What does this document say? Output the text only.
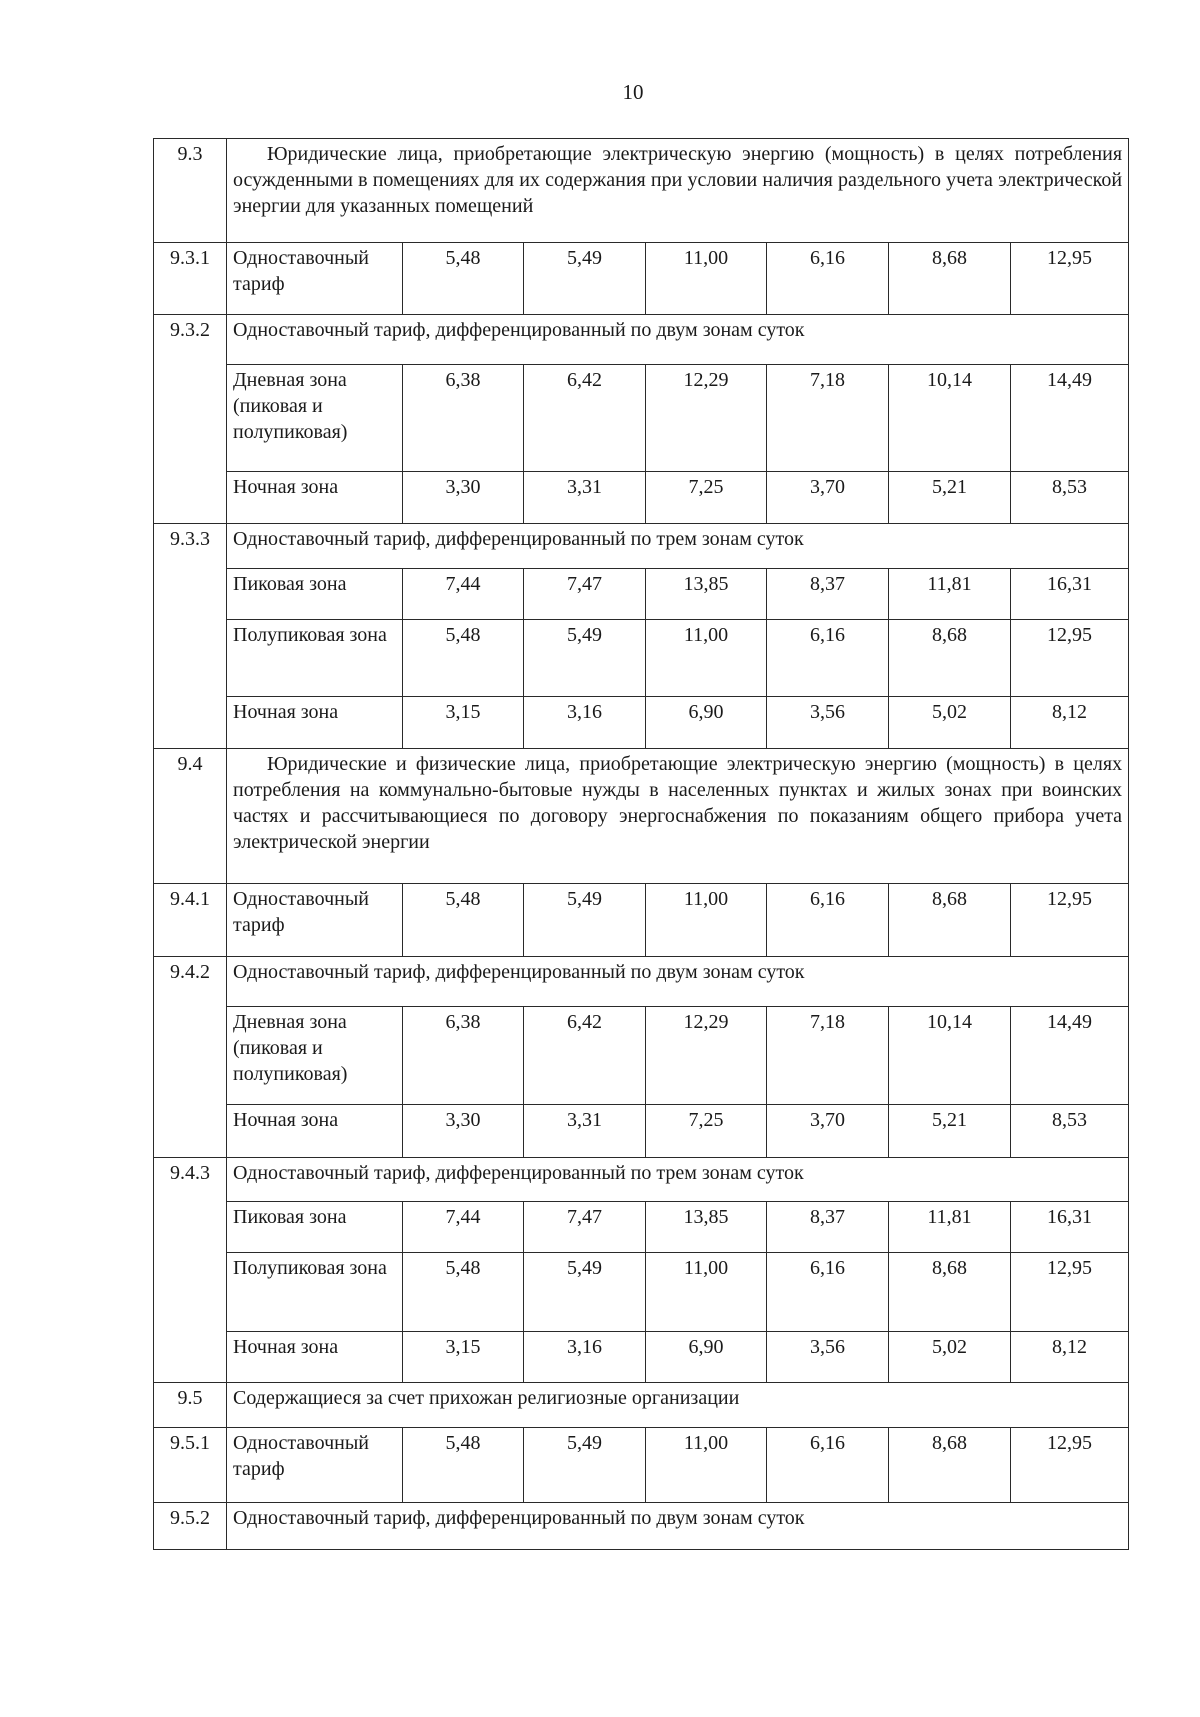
10
9.3	Юридические лица, приобретающие электрическую энергию (мощность) в целях потребления осужденными в помещениях для их содержания при условии наличия раздельного учета электрической энергии для указанных помещений						
9.3.1	Одноставочный тариф	5,48	5,49	11,00	6,16	8,68	12,95
9.3.2	Одноставочный тариф, дифференцированный по двум зонам суток						
	Дневная зона (пиковая и полупиковая)	6,38	6,42	12,29	7,18	10,14	14,49
	Ночная зона	3,30	3,31	7,25	3,70	5,21	8,53
9.3.3	Одноставочный тариф, дифференцированный по трем зонам суток						
	Пиковая зона	7,44	7,47	13,85	8,37	11,81	16,31
	Полупиковая зона	5,48	5,49	11,00	6,16	8,68	12,95
	Ночная зона	3,15	3,16	6,90	3,56	5,02	8,12
9.4	Юридические и физические лица, приобретающие электрическую энергию (мощность) в целях потребления на коммунально-бытовые нужды в населенных пунктах и жилых зонах при воинских частях и рассчитывающиеся по договору энергоснабжения по показаниям общего прибора учета электрической энергии						
9.4.1	Одноставочный тариф	5,48	5,49	11,00	6,16	8,68	12,95
9.4.2	Одноставочный тариф, дифференцированный по двум зонам суток						
	Дневная зона (пиковая и полупиковая)	6,38	6,42	12,29	7,18	10,14	14,49
	Ночная зона	3,30	3,31	7,25	3,70	5,21	8,53
9.4.3	Одноставочный тариф, дифференцированный по трем зонам суток						
	Пиковая зона	7,44	7,47	13,85	8,37	11,81	16,31
	Полупиковая зона	5,48	5,49	11,00	6,16	8,68	12,95
	Ночная зона	3,15	3,16	6,90	3,56	5,02	8,12
9.5	Содержащиеся за счет прихожан религиозные организации						
9.5.1	Одноставочный тариф	5,48	5,49	11,00	6,16	8,68	12,95
9.5.2	Одноставочный тариф, дифференцированный по двум зонам суток						
